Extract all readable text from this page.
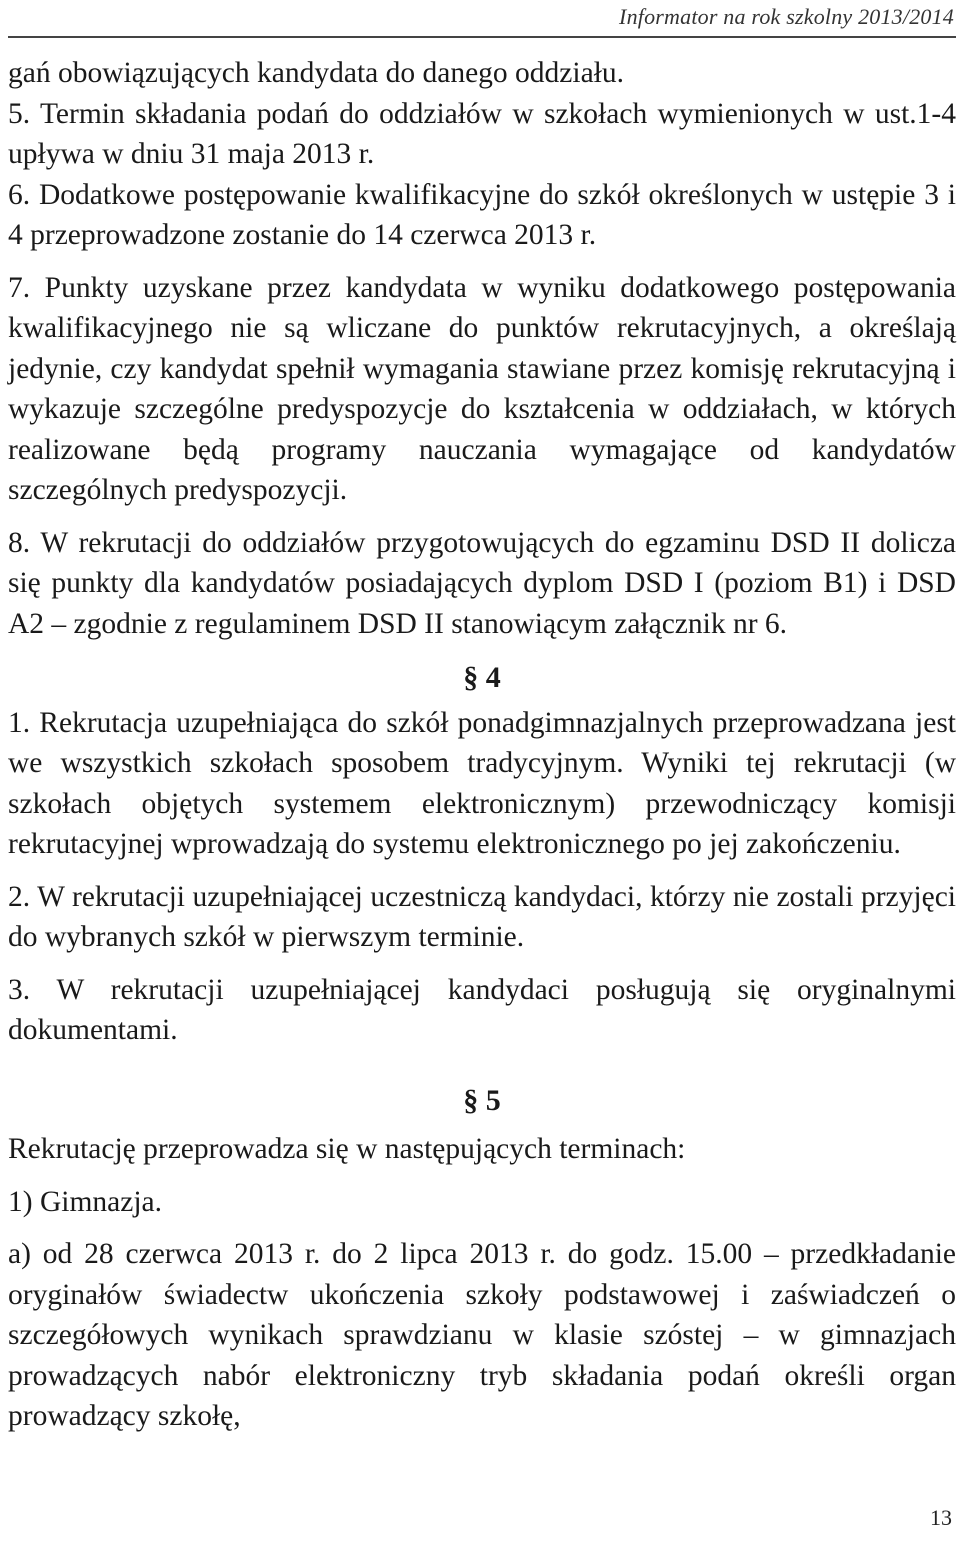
Informator na rok szkolny 2013/2014

gań obowiązujących kandydata do danego oddziału.

5. Termin składania podań do oddziałów w szkołach wymienionych w ust.1-4 upływa w dniu 31 maja 2013 r.

6. Dodatkowe postępowanie kwalifikacyjne do szkół określonych w ustępie 3 i 4 przeprowadzone zostanie do 14 czerwca 2013 r.

7. Punkty uzyskane przez kandydata w wyniku dodatkowego postępowania kwalifikacyjnego nie są wliczane do punktów rekrutacyjnych, a określają jedynie, czy kandydat spełnił wymagania stawiane przez komisję rekrutacyjną i wykazuje szczególne predyspozycje do kształcenia w oddziałach, w których realizowane będą programy nauczania wymagające od kandydatów szczególnych predyspozycji.

8. W rekrutacji do oddziałów przygotowujących do egzaminu DSD II dolicza się punkty dla kandydatów posiadających dyplom DSD I (poziom B1) i DSD A2 – zgodnie z regulaminem DSD II stanowiącym załącznik nr 6.

§ 4

1. Rekrutacja uzupełniająca do szkół ponadgimnazjalnych przeprowadzana jest we wszystkich szkołach sposobem tradycyjnym. Wyniki tej rekrutacji (w szkołach objętych systemem elektronicznym) przewodniczący komisji rekrutacyjnej wprowadzają do systemu elektronicznego po jej zakończeniu.

2. W rekrutacji uzupełniającej uczestniczą kandydaci, którzy nie zostali przyjęci do wybranych szkół w pierwszym terminie.

3. W rekrutacji uzupełniającej kandydaci posługują się oryginalnymi dokumentami.

§ 5

Rekrutację przeprowadza się w następujących terminach:

1) Gimnazja.

a) od 28 czerwca 2013 r. do 2 lipca 2013 r. do godz. 15.00 – przedkładanie oryginałów świadectw ukończenia szkoły podstawowej i zaświadczeń o szczegółowych wynikach sprawdzianu w klasie szóstej – w gimnazjach prowadzących nabór elektroniczny tryb składania podań określi organ prowadzący szkołę,

13
